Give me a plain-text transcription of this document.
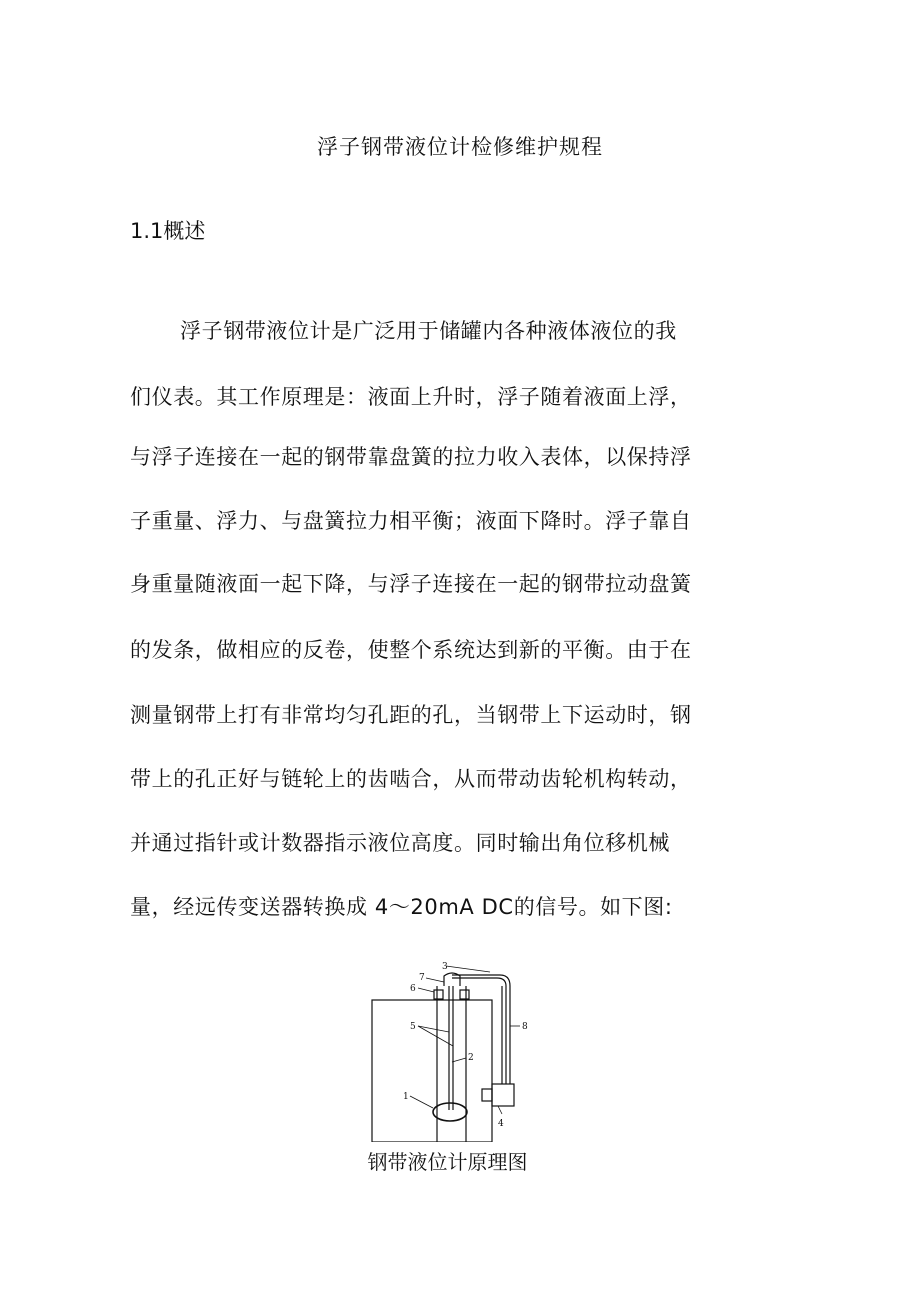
浮子钢带液位计检修维护规程
1.1概述
浮子钢带液位计是广泛用于储罐内各种液体液位的我
们仪表。其工作原理是：液面上升时，浮子随着液面上浮，
与浮子连接在一起的钢带靠盘簧的拉力收入表体，以保持浮
子重量、浮力、与盘簧拉力相平衡；液面下降时。浮子靠自
身重量随液面一起下降，与浮子连接在一起的钢带拉动盘簧
的发条，做相应的反卷，使整个系统达到新的平衡。由于在
测量钢带上打有非常均匀孔距的孔，当钢带上下运动时，钢
带上的孔正好与链轮上的齿啮合，从而带动齿轮机构转动，
并通过指针或计数器指示液位高度。同时输出角位移机械
量，经远传变送器转换成 4～20mA DC的信号。如下图:
3
7
6
5
2
1
4
8
钢带液位计原理图
